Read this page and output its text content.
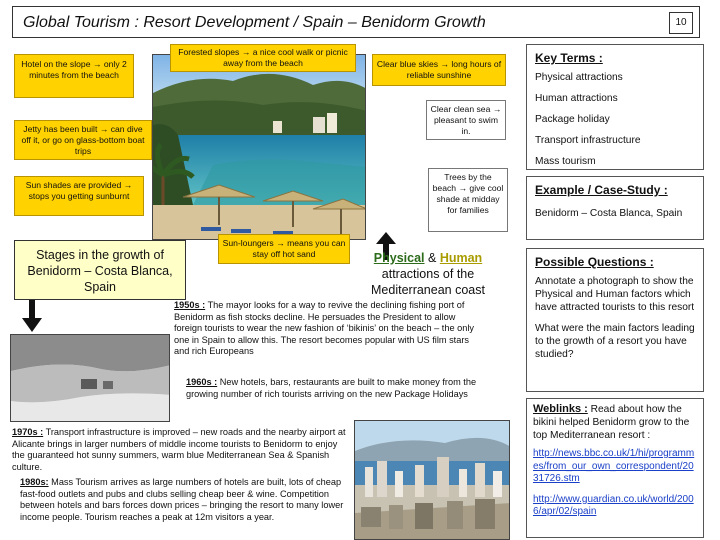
Global Tourism : Resort Development / Spain – Benidorm Growth	10
Hotel on the slope → only 2 minutes from the beach
Forested slopes → a nice cool walk or picnic away from the beach	Clear blue skies → long hours of reliable sunshine
Clear clean sea → pleasant to swim in.
Jetty has been built → can dive off it, or go on glass-bottom boat trips
Trees by the beach → give cool shade at midday for families
Sun shades are provided → stops you getting sunburnt
Sun-loungers → means you can stay off hot sand
Stages in the growth of Benidorm – Costa Blanca, Spain
Physical & Human
attractions of the Mediterranean coast
1950s : The mayor looks for a way to revive the declining fishing port of Benidorm as fish stocks decline. He persuades the President to allow foreign tourists to wear the new fashion of ‘bikinis’ on the beach – the only one in Spain to allow this. The resort becomes popular with US film stars and rich Europeans
1960s : New hotels, bars, restaurants are built to make money from the growing number of rich tourists arriving on the new Package Holidays
1970s : Transport infrastructure is improved – new roads and the nearby airport at Alicante brings in larger numbers of middle income tourists to Benidorm to enjoy the guaranteed hot sunny summers, warm blue Mediterranean Sea & Spanish culture.
1980s: Mass Tourism arrives as large numbers of hotels are built, lots of cheap fast-food outlets and pubs and clubs selling cheap beer & wine. Competition between hotels and bars forces down prices – bringing the resort to many lower income people. Tourism reaches a peak at 12m visitors a year.
Key Terms :
Physical attractions
Human attractions
Package holiday
Transport infrastructure
Mass tourism
Example / Case-Study :
Benidorm – Costa Blanca, Spain
Possible Questions :
Annotate a photograph to show the Physical and Human factors which have attracted tourists to this resort
What were the main factors leading to the growth of a resort you have studied?
Weblinks : Read about how the bikini helped Benidorm grow to the top Mediterranean resort :
http://news.bbc.co.uk/1/hi/programmes/from_our_own_correspondent/2031726.stm
http://www.guardian.co.uk/world/2006/apr/02/spain
